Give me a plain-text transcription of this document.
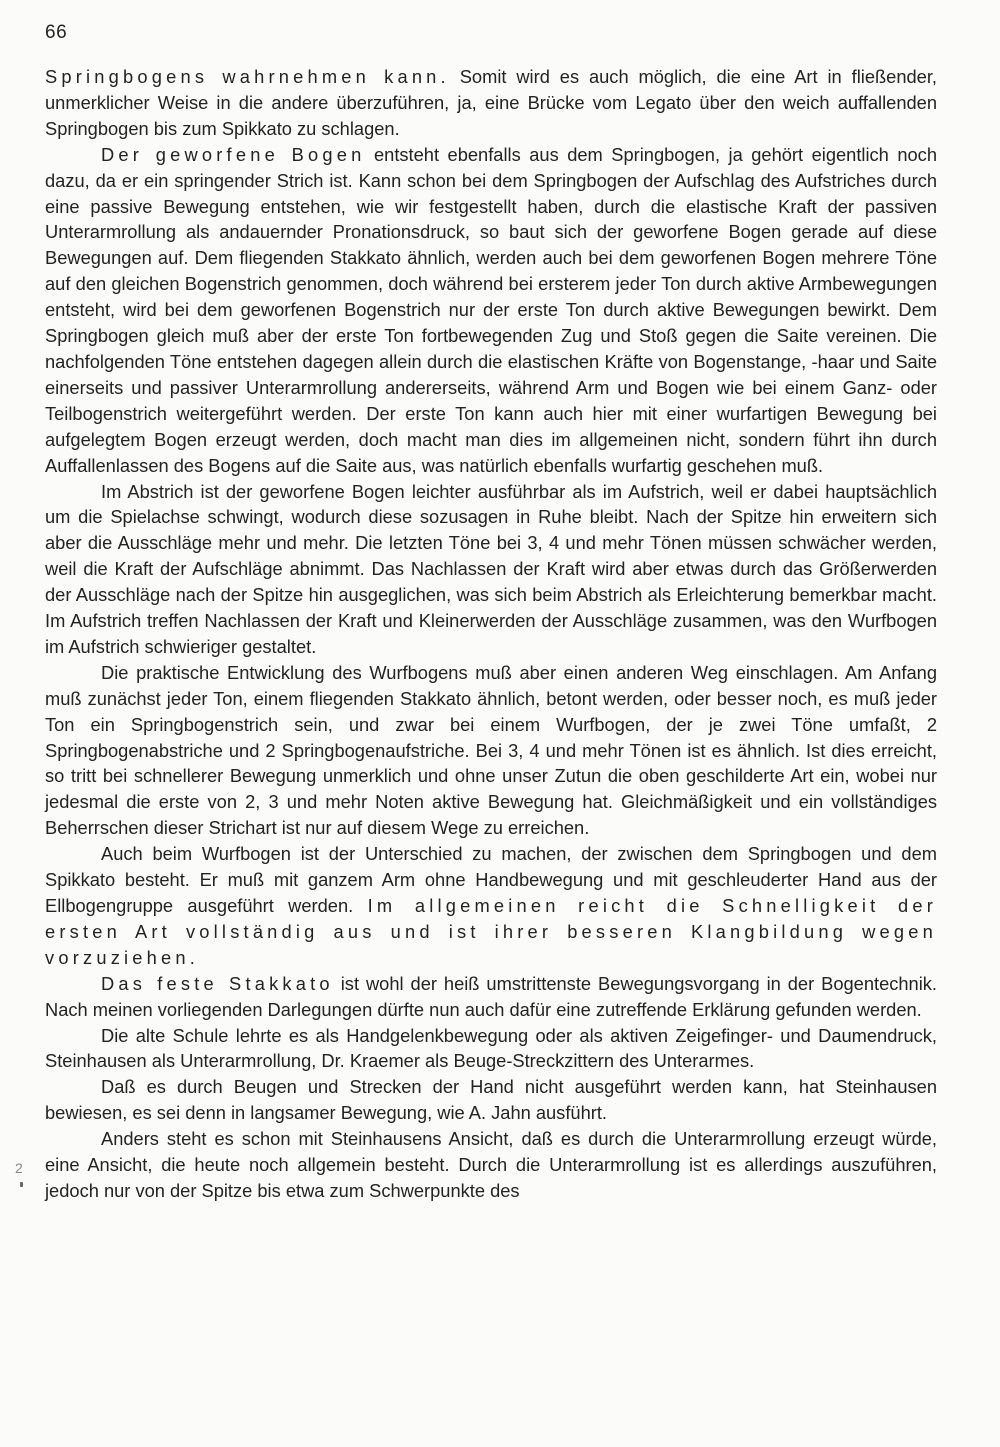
66
2

Springbogens wahrnehmen kann. Somit wird es auch möglich, die eine Art in fließender, unmerklicher Weise in die andere überzuführen, ja, eine Brücke vom Legato über den weich auffallenden Springbogen bis zum Spikkato zu schlagen.

Der geworfene Bogen entsteht ebenfalls aus dem Springbogen, ja gehört eigentlich noch dazu, da er ein springender Strich ist. Kann schon bei dem Springbogen der Aufschlag des Aufstriches durch eine passive Bewegung entstehen, wie wir festgestellt haben, durch die elastische Kraft der passiven Unterarmrollung als andauernder Pronationsdruck, so baut sich der geworfene Bogen gerade auf diese Bewegungen auf. Dem fliegenden Stakkato ähnlich, werden auch bei dem geworfenen Bogen mehrere Töne auf den gleichen Bogenstrich genommen, doch während bei ersterem jeder Ton durch aktive Armbewegungen entsteht, wird bei dem geworfenen Bogenstrich nur der erste Ton durch aktive Bewegungen bewirkt. Dem Springbogen gleich muß aber der erste Ton fortbewegenden Zug und Stoß gegen die Saite vereinen. Die nachfolgenden Töne entstehen dagegen allein durch die elastischen Kräfte von Bogenstange, -haar und Saite einerseits und passiver Unterarmrollung andererseits, während Arm und Bogen wie bei einem Ganz- oder Teilbogenstrich weitergeführt werden. Der erste Ton kann auch hier mit einer wurfartigen Bewegung bei aufgelegtem Bogen erzeugt werden, doch macht man dies im allgemeinen nicht, sondern führt ihn durch Auffallenlassen des Bogens auf die Saite aus, was natürlich ebenfalls wurfartig geschehen muß.

Im Abstrich ist der geworfene Bogen leichter ausführbar als im Aufstrich, weil er dabei hauptsächlich um die Spielachse schwingt, wodurch diese sozusagen in Ruhe bleibt. Nach der Spitze hin erweitern sich aber die Ausschläge mehr und mehr. Die letzten Töne bei 3, 4 und mehr Tönen müssen schwächer werden, weil die Kraft der Aufschläge abnimmt. Das Nachlassen der Kraft wird aber etwas durch das Größerwerden der Ausschläge nach der Spitze hin ausgeglichen, was sich beim Abstrich als Erleichterung bemerkbar macht. Im Aufstrich treffen Nachlassen der Kraft und Kleinerwerden der Ausschläge zusammen, was den Wurfbogen im Aufstrich schwieriger gestaltet.

Die praktische Entwicklung des Wurfbogens muß aber einen anderen Weg einschlagen. Am Anfang muß zunächst jeder Ton, einem fliegenden Stakkato ähnlich, betont werden, oder besser noch, es muß jeder Ton ein Springbogenstrich sein, und zwar bei einem Wurfbogen, der je zwei Töne umfaßt, 2 Springbogenabstriche und 2 Springbogenaufstriche. Bei 3, 4 und mehr Tönen ist es ähnlich. Ist dies erreicht, so tritt bei schnellerer Bewegung unmerklich und ohne unser Zutun die oben geschilderte Art ein, wobei nur jedesmal die erste von 2, 3 und mehr Noten aktive Bewegung hat. Gleichmäßigkeit und ein vollständiges Beherrschen dieser Strichart ist nur auf diesem Wege zu erreichen.

Auch beim Wurfbogen ist der Unterschied zu machen, der zwischen dem Springbogen und dem Spikkato besteht. Er muß mit ganzem Arm ohne Handbewegung und mit geschleuderter Hand aus der Ellbogengruppe ausgeführt werden. Im allgemeinen reicht die Schnelligkeit der ersten Art vollständig aus und ist ihrer besseren Klangbildung wegen vorzuziehen.

Das feste Stakkato ist wohl der heiß umstrittenste Bewegungsvorgang in der Bogentechnik. Nach meinen vorliegenden Darlegungen dürfte nun auch dafür eine zutreffende Erklärung gefunden werden.

Die alte Schule lehrte es als Handgelenkbewegung oder als aktiven Zeigefinger- und Daumendruck, Steinhausen als Unterarmrollung, Dr. Kraemer als Beuge-Streckzittern des Unterarmes.

Daß es durch Beugen und Strecken der Hand nicht ausgeführt werden kann, hat Steinhausen bewiesen, es sei denn in langsamer Bewegung, wie A. Jahn ausführt.

Anders steht es schon mit Steinhausens Ansicht, daß es durch die Unterarmrollung erzeugt würde, eine Ansicht, die heute noch allgemein besteht. Durch die Unterarmrollung ist es allerdings auszuführen, jedoch nur von der Spitze bis etwa zum Schwerpunkte des
